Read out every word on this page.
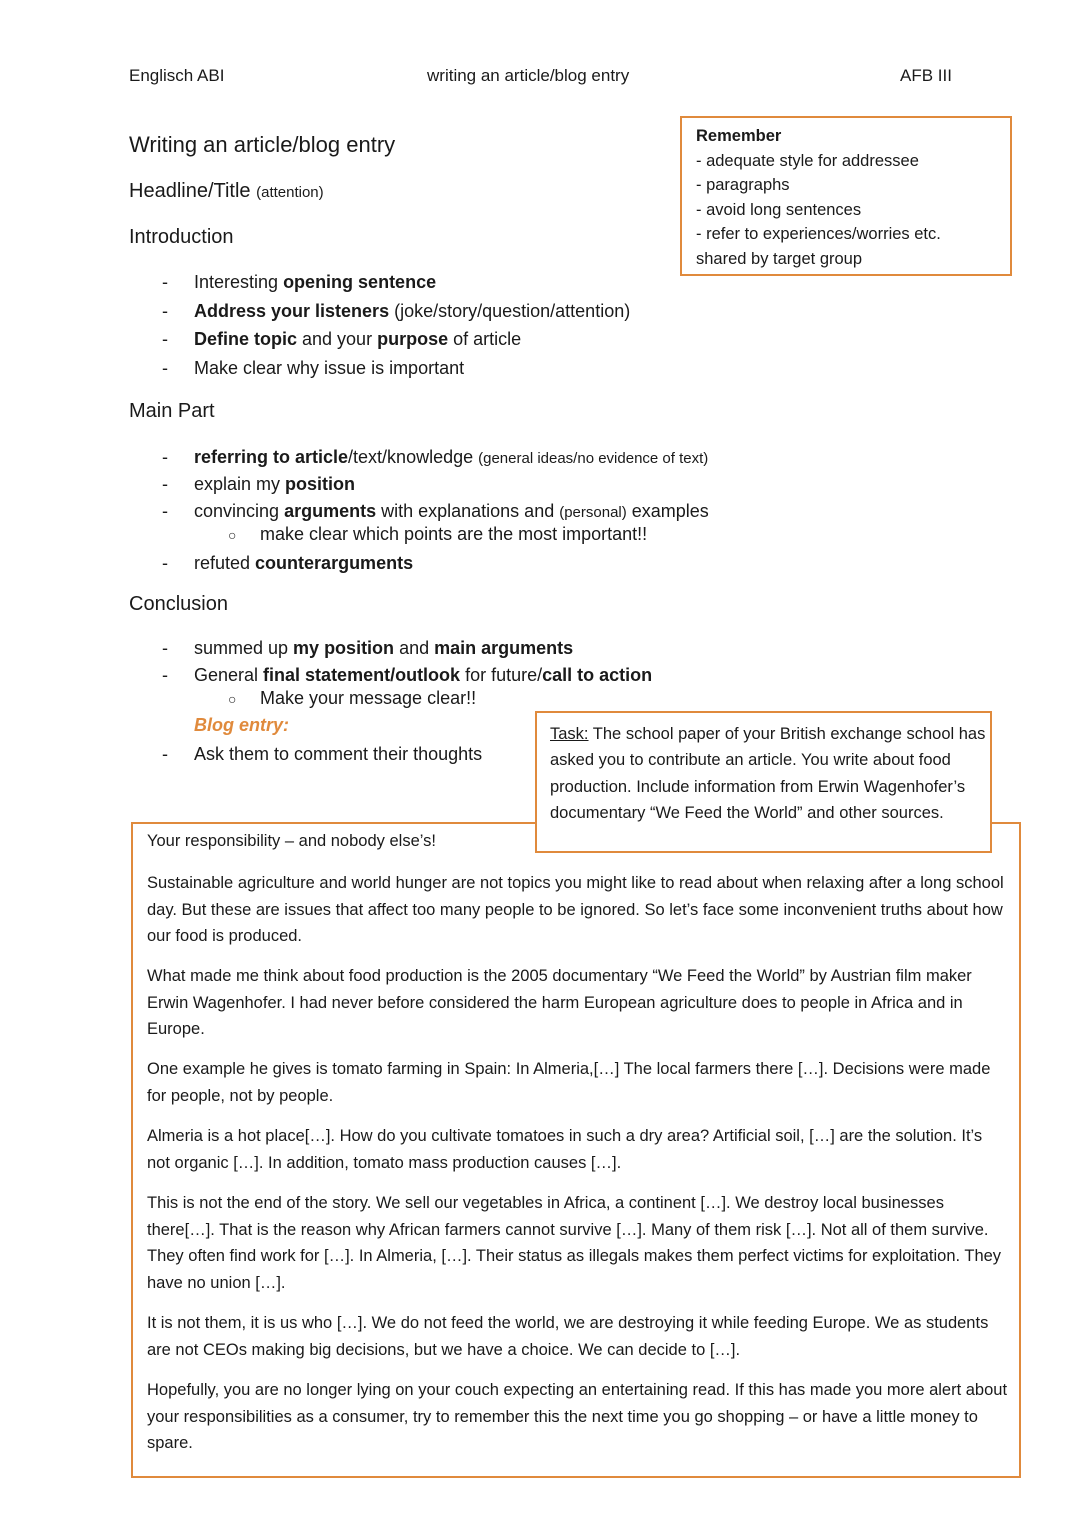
Englisch ABI	writing an article/blog entry	AFB III
Writing an article/blog entry
Headline/Title (attention)
Introduction
- Interesting opening sentence
- Address your listeners (joke/story/question/attention)
- Define topic and your purpose of article
- Make clear why issue is important
Main Part
- referring to article/text/knowledge (general ideas/no evidence of text)
- explain my position
- convincing arguments with explanations and (personal) examples
○ make clear which points are the most important!!
- refuted counterarguments
Conclusion
- summed up my position and main arguments
- General final statement/outlook for future/call to action
○ Make your message clear!!
Blog entry:
- Ask them to comment their thoughts
Remember
- adequate style for addressee
- paragraphs
- avoid long sentences
- refer to experiences/worries etc.
shared by target group
Task: The school paper of your British exchange school has asked you to contribute an article. You write about food production. Include information from Erwin Wagenhofer’s documentary “We Feed the World” and other sources.
Your responsibility – and nobody else’s!
Sustainable agriculture and world hunger are not topics you might like to read about when relaxing after a long school day. But these are issues that affect too many people to be ignored. So let’s face some inconvenient truths about how our food is produced.
What made me think about food production is the 2005 documentary “We Feed the World” by Austrian film maker Erwin Wagenhofer. I had never before considered the harm European agriculture does to people in Africa and in Europe.
One example he gives is tomato farming in Spain: In Almeria,[…] The local farmers there […]. Decisions were made for people, not by people.
Almeria is a hot place[…]. How do you cultivate tomatoes in such a dry area? Artificial soil, […] are the solution. It’s not organic […]. In addition, tomato mass production causes […].
This is not the end of the story. We sell our vegetables in Africa, a continent […]. We destroy local businesses there[…]. That is the reason why African farmers cannot survive […]. Many of them risk […]. Not all of them survive. They often find work for […]. In Almeria, […]. Their status as illegals makes them perfect victims for exploitation. They have no union […].
It is not them, it is us who […]. We do not feed the world, we are destroying it while feeding Europe. We as students are not CEOs making big decisions, but we have a choice. We can decide to […].
Hopefully, you are no longer lying on your couch expecting an entertaining read. If this has made you more alert about your responsibilities as a consumer, try to remember this the next time you go shopping – or have a little money to spare.
